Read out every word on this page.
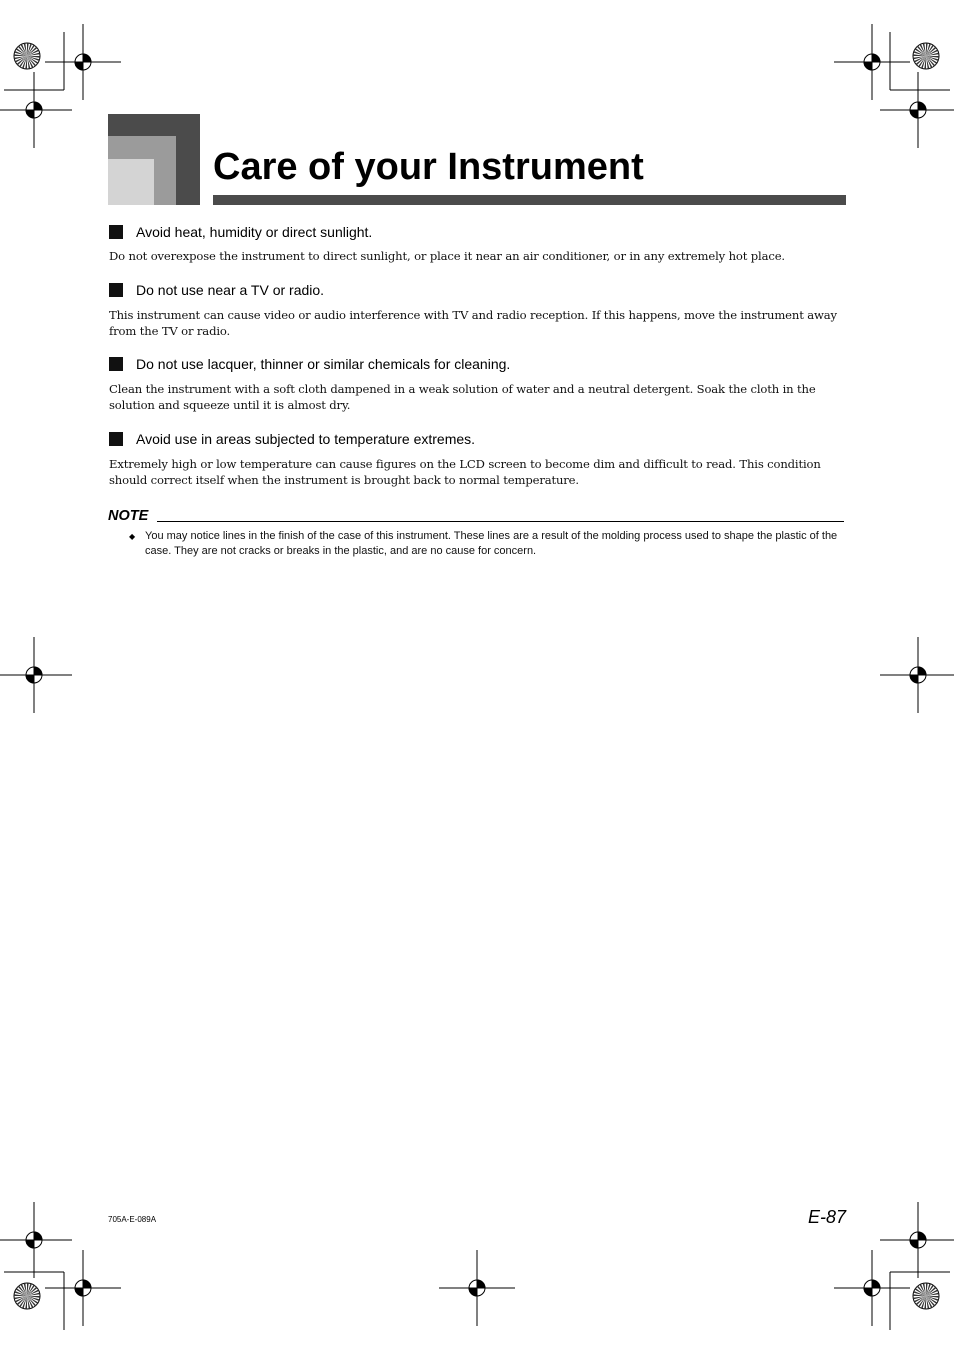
Care of your Instrument
Avoid heat, humidity or direct sunlight.
Do not overexpose the instrument to direct sunlight, or place it near an air conditioner, or in any extremely hot place.
Do not use near a TV or radio.
This instrument can cause video or audio interference with TV and radio reception. If this happens, move the instrument away from the TV or radio.
Do not use lacquer, thinner or similar chemicals for cleaning.
Clean the instrument with a soft cloth dampened in a weak solution of water and a neutral detergent. Soak the cloth in the solution and squeeze until it is almost dry.
Avoid use in areas subjected to temperature extremes.
Extremely high or low temperature can cause figures on the LCD screen to become dim and difficult to read. This condition should correct itself when the instrument is brought back to normal temperature.
NOTE
◆ You may notice lines in the finish of the case of this instrument. These lines are a result of the molding process used to shape the plastic of the case. They are not cracks or breaks in the plastic, and are no cause for concern.
705A-E-089A	E-87
